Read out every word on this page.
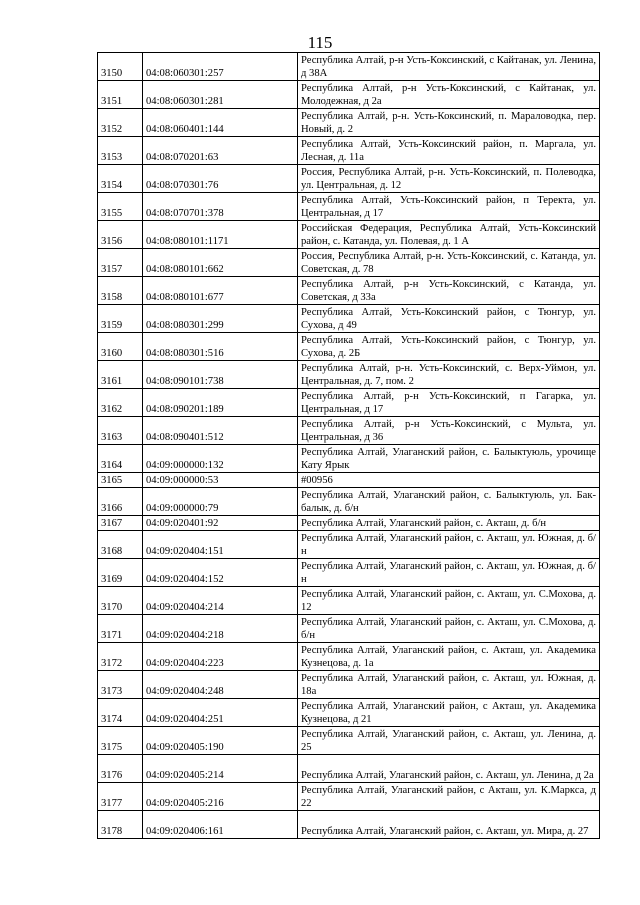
115
3150	04:08:060301:257	Республика Алтай, р-н Усть-Коксинский, с Кайтанак, ул. Ленина, д 38А
3151	04:08:060301:281	Республика Алтай, р-н Усть-Коксинский, с Кайтанак, ул. Молодежная, д 2а
3152	04:08:060401:144	Республика Алтай, р-н. Усть-Коксинский, п. Мараловодка, пер. Новый, д. 2
3153	04:08:070201:63	Республика Алтай, Усть-Коксинский район, п. Маргала, ул. Лесная, д. 11а
3154	04:08:070301:76	Россия, Республика Алтай, р-н. Усть-Коксинский, п. Полеводка, ул. Центральная, д. 12
3155	04:08:070701:378	Республика Алтай, Усть-Коксинский район, п Теректа, ул. Центральная, д 17
3156	04:08:080101:1171	Российская Федерация, Республика Алтай, Усть-Коксинский район, с. Катанда, ул. Полевая, д. 1 А
3157	04:08:080101:662	Россия, Республика Алтай, р-н. Усть-Коксинский, с. Катанда, ул. Советская, д. 78
3158	04:08:080101:677	Республика Алтай, р-н Усть-Коксинский, с Катанда, ул. Советская, д 33а
3159	04:08:080301:299	Республика Алтай, Усть-Коксинский район, с Тюнгур, ул. Сухова, д 49
3160	04:08:080301:516	Республика Алтай, Усть-Коксинский район, с Тюнгур, ул. Сухова, д. 2Б
3161	04:08:090101:738	Республика Алтай, р-н. Усть-Коксинский, с. Верх-Уймон, ул. Центральная, д. 7, пом. 2
3162	04:08:090201:189	Республика Алтай, р-н Усть-Коксинский, п Гагарка, ул. Центральная, д 17
3163	04:08:090401:512	Республика Алтай, р-н Усть-Коксинский, с Мульта, ул. Центральная, д 36
3164	04:09:000000:132	Республика Алтай, Улаганский район, с. Балыктуюль, урочище Кату Ярык
3165	04:09:000000:53	#00956
3166	04:09:000000:79	Республика Алтай, Улаганский район, с. Балыктуюль, ул. Бак-балык, д. б/н
3167	04:09:020401:92	Республика Алтай, Улаганский район, с. Акташ, д. б/н
3168	04:09:020404:151	Республика Алтай, Улаганский район, с. Акташ, ул. Южная, д. б/н
3169	04:09:020404:152	Республика Алтай, Улаганский район, с. Акташ, ул. Южная, д. б/н
3170	04:09:020404:214	Республика Алтай, Улаганский район, с. Акташ, ул. С.Мохова, д. 12
3171	04:09:020404:218	Республика Алтай, Улаганский район, с. Акташ, ул. С.Мохова, д. б/н
3172	04:09:020404:223	Республика Алтай, Улаганский район, с. Акташ, ул. Академика Кузнецова, д. 1а
3173	04:09:020404:248	Республика Алтай, Улаганский район, с. Акташ, ул. Южная, д. 18а
3174	04:09:020404:251	Республика Алтай, Улаганский район, с Акташ, ул. Академика Кузнецова, д 21
3175	04:09:020405:190	Республика Алтай, Улаганский район, с. Акташ, ул. Ленина, д. 25
3176	04:09:020405:214	Республика Алтай, Улаганский район, с. Акташ, ул. Ленина, д 2а
3177	04:09:020405:216	Республика Алтай, Улаганский район, с Акташ, ул. К.Маркса, д 22
3178	04:09:020406:161	Республика Алтай, Улаганский район, с. Акташ, ул. Мира, д. 27
